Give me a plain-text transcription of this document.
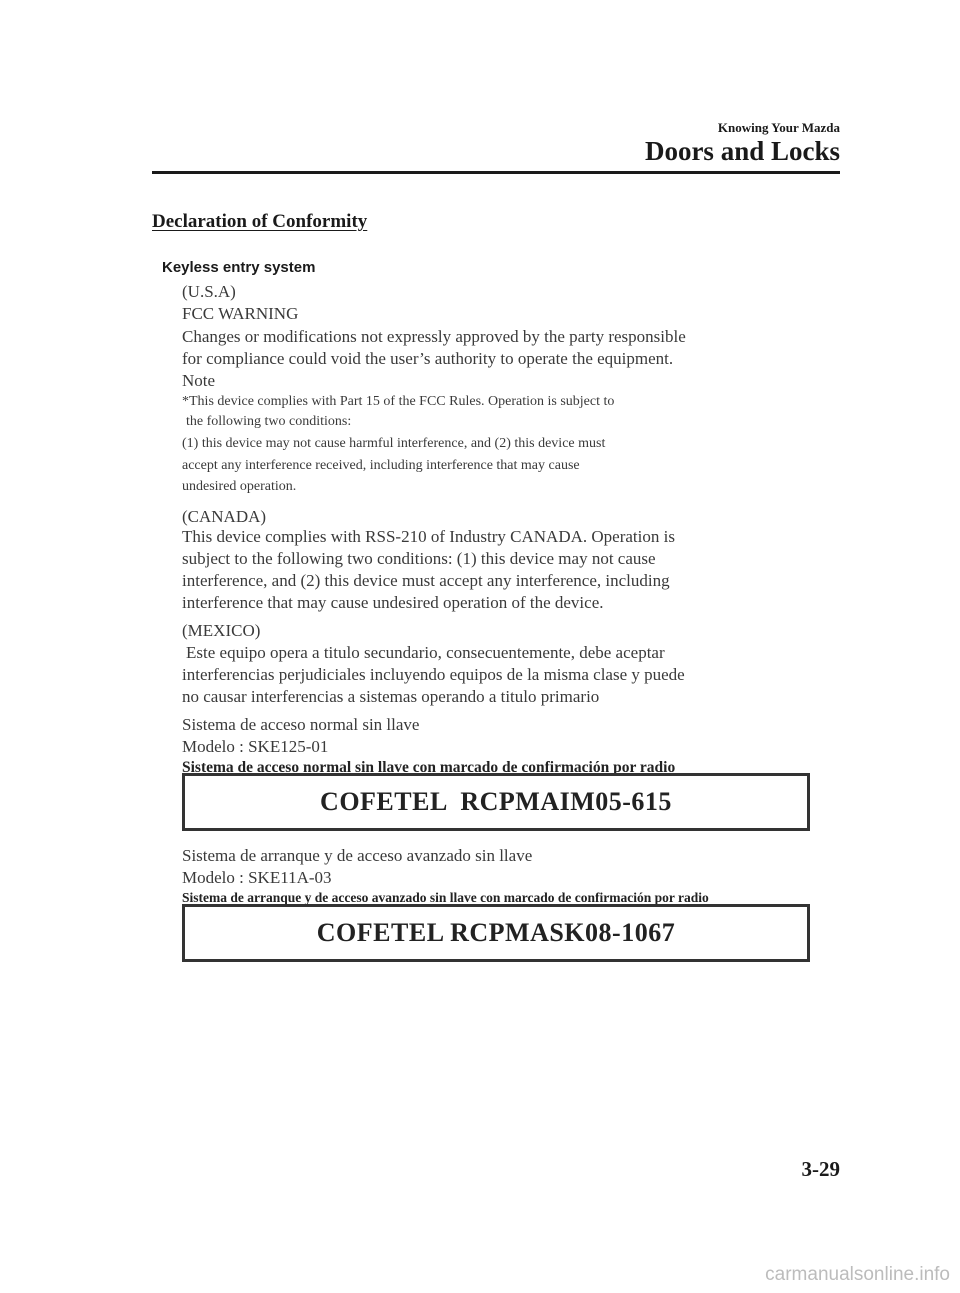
Knowing Your Mazda
Doors and Locks
Declaration of Conformity
Keyless entry system
(U.S.A)
FCC WARNING
Changes or modifications not expressly approved by the party responsible
for compliance could void the user’s authority to operate the equipment.
Note
*This device complies with Part 15 of the FCC Rules. Operation is subject to
the following two conditions:
(1) this device may not cause harmful interference, and (2) this device must
accept any interference received, including interference that may cause
undesired operation.
(CANADA)
This device complies with RSS-210 of Industry CANADA. Operation is
subject to the following two conditions: (1) this device may not cause
interference, and (2) this device must accept any interference, including
interference that may cause undesired operation of the device.
(MEXICO)
Este equipo opera a titulo secundario, consecuentemente, debe aceptar
interferencias perjudiciales incluyendo equipos de la misma clase y puede
no causar interferencias a sistemas operando a titulo primario
Sistema de acceso normal sin llave
Modelo : SKE125-01
Sistema de acceso normal sin llave con marcado de confirmación por radio
COFETEL  RCPMAIM05-615
Sistema de arranque y de acceso avanzado sin llave
Modelo : SKE11A-03
Sistema de arranque y de acceso avanzado sin llave con marcado de confirmación por radio
COFETEL RCPMASK08-1067
3-29
carmanualsonline.info
